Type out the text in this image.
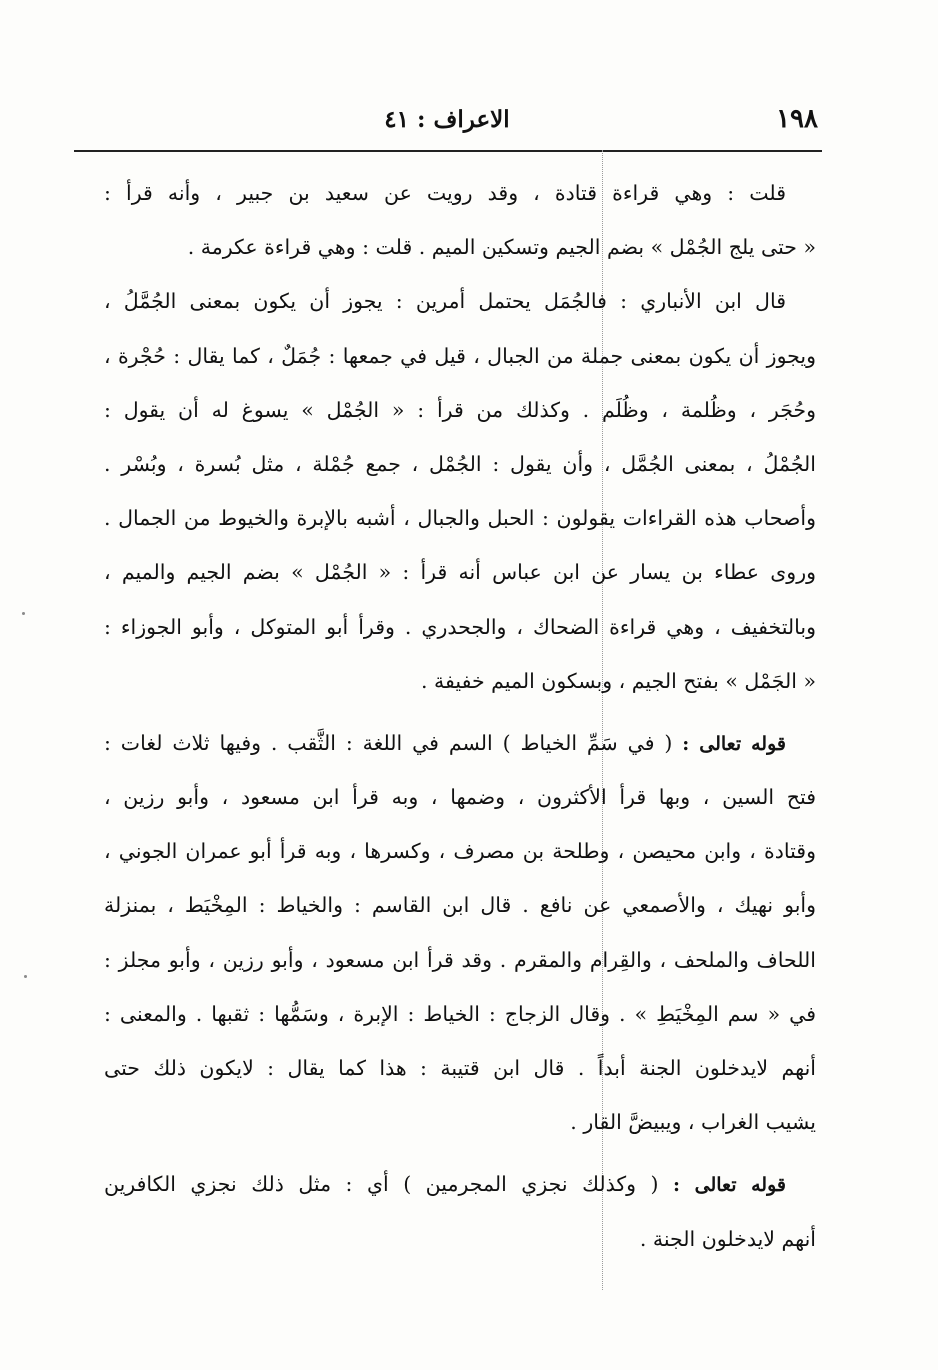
١٩٨
الاعراف : ٤١
قلت : وهي قراءة قتادة ، وقد رويت عن سعيد بن جبير ، وأنه قرأ :
« حتى يلج الجُمْل » بضم الجيم وتسكين الميم . قلت : وهي قراءة عكرمة .
قال ابن الأنباري : فالجُمَل يحتمل أمرين : يجوز أن يكون بمعنى الجُمَّلُ ،
ويجوز أن يكون بمعنى جملة من الجبال ، قيل في جمعها : جُمَلٌ ، كما يقال : حُجْرة ،
وحُجَر ، وظُلمة ، وظُلَم . وكذلك من قرأ : « الجُمْل » يسوغ له أن يقول :
الجُمْلُ ، بمعنى الجُمَّل ، وأن يقول : الجُمْل ، جمع جُمْلة ، مثل بُسرة ، وبُسْر .
وأصحاب هذه القراءات يقولون : الحبل والجبال ، أشبه بالإبرة والخيوط من الجمال .
وروى عطاء بن يسار عن ابن عباس أنه قرأ : « الجُمْل » بضم الجيم والميم ،
وبالتخفيف ، وهي قراءة الضحاك ، والجحدري . وقرأ أبو المتوكل ، وأبو الجوزاء :
« الجَمْل » بفتح الجيم ، وبسكون الميم خفيفة .
قوله تعالى : ( في سَمِّ الخياط ) السم في اللغة : الثَّقب . وفيها ثلاث لغات :
فتح السين ، وبها قرأ الأكثرون ، وضمها ، وبه قرأ ابن مسعود ، وأبو رزين ،
وقتادة ، وابن محيصن ، وطلحة بن مصرف ، وكسرها ، وبه قرأ أبو عمران الجوني ،
وأبو نهيك ، والأصمعي عن نافع . قال ابن القاسم : والخياط : المِخْيَط ، بمنزلة
اللحاف والملحف ، والقِرام والمقرم . وقد قرأ ابن مسعود ، وأبو رزين ، وأبو مجلز :
في « سم المِخْيَطِ » . وقال الزجاج : الخياط : الإبرة ، وسَمُّها : ثقبها . والمعنى :
أنهم لايدخلون الجنة أبداً . قال ابن قتيبة : هذا كما يقال : لايكون ذلك حتى
يشيب الغراب ، ويبيضَّ القار .
قوله تعالى : ( وكذلك نجزي المجرمين ) أي : مثل ذلك نجزي الكافرين
أنهم لايدخلون الجنة .
